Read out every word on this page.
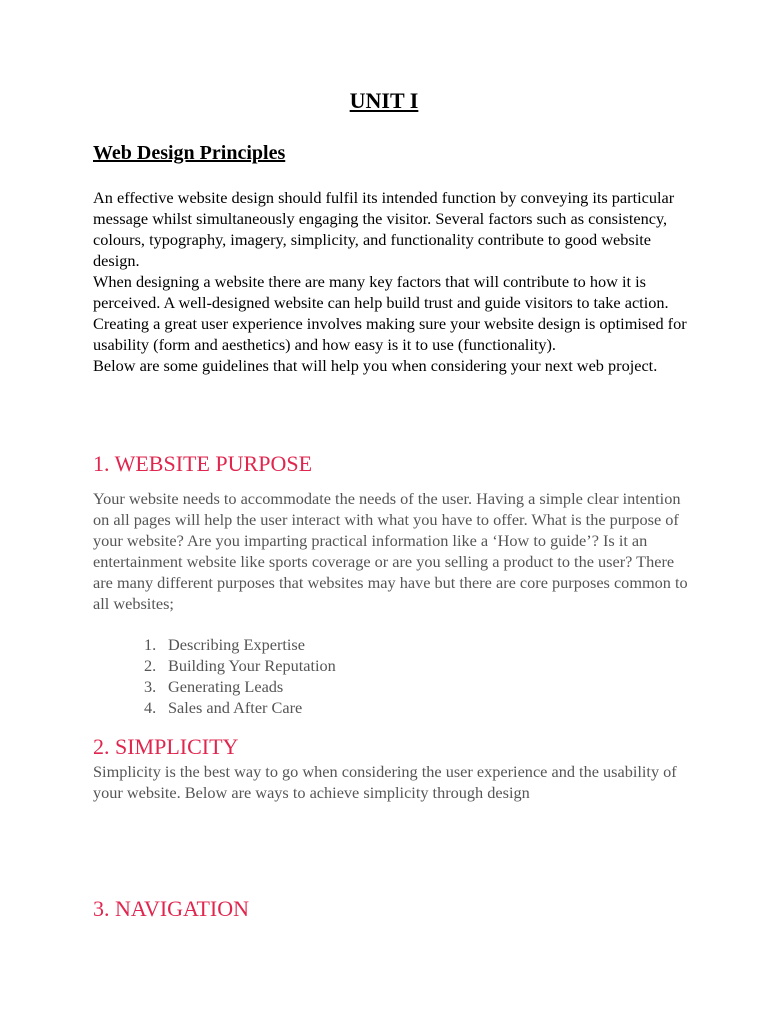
UNIT I
Web Design Principles

An effective website design should fulfil its intended function by conveying its particular message whilst simultaneously engaging the visitor. Several factors such as consistency, colours, typography, imagery, simplicity, and functionality contribute to good website design.

When designing a website there are many key factors that will contribute to how it is perceived. A well-designed website can help build trust and guide visitors to take action. Creating a great user experience involves making sure your website design is optimised for usability (form and aesthetics) and how easy is it to use (functionality).

Below are some guidelines that will help you when considering your next web project.

1. WEBSITE PURPOSE

Your website needs to accommodate the needs of the user. Having a simple clear intention on all pages will help the user interact with what you have to offer. What is the purpose of your website? Are you imparting practical information like a ‘How to guide’? Is it an entertainment website like sports coverage or are you selling a product to the user? There are many different purposes that websites may have but there are core purposes common to all websites;

1. Describing Expertise
2. Building Your Reputation
3. Generating Leads
4. Sales and After Care
2. SIMPLICITY

Simplicity is the best way to go when considering the user experience and the usability of your website. Below are ways to achieve simplicity through design

3. NAVIGATION
